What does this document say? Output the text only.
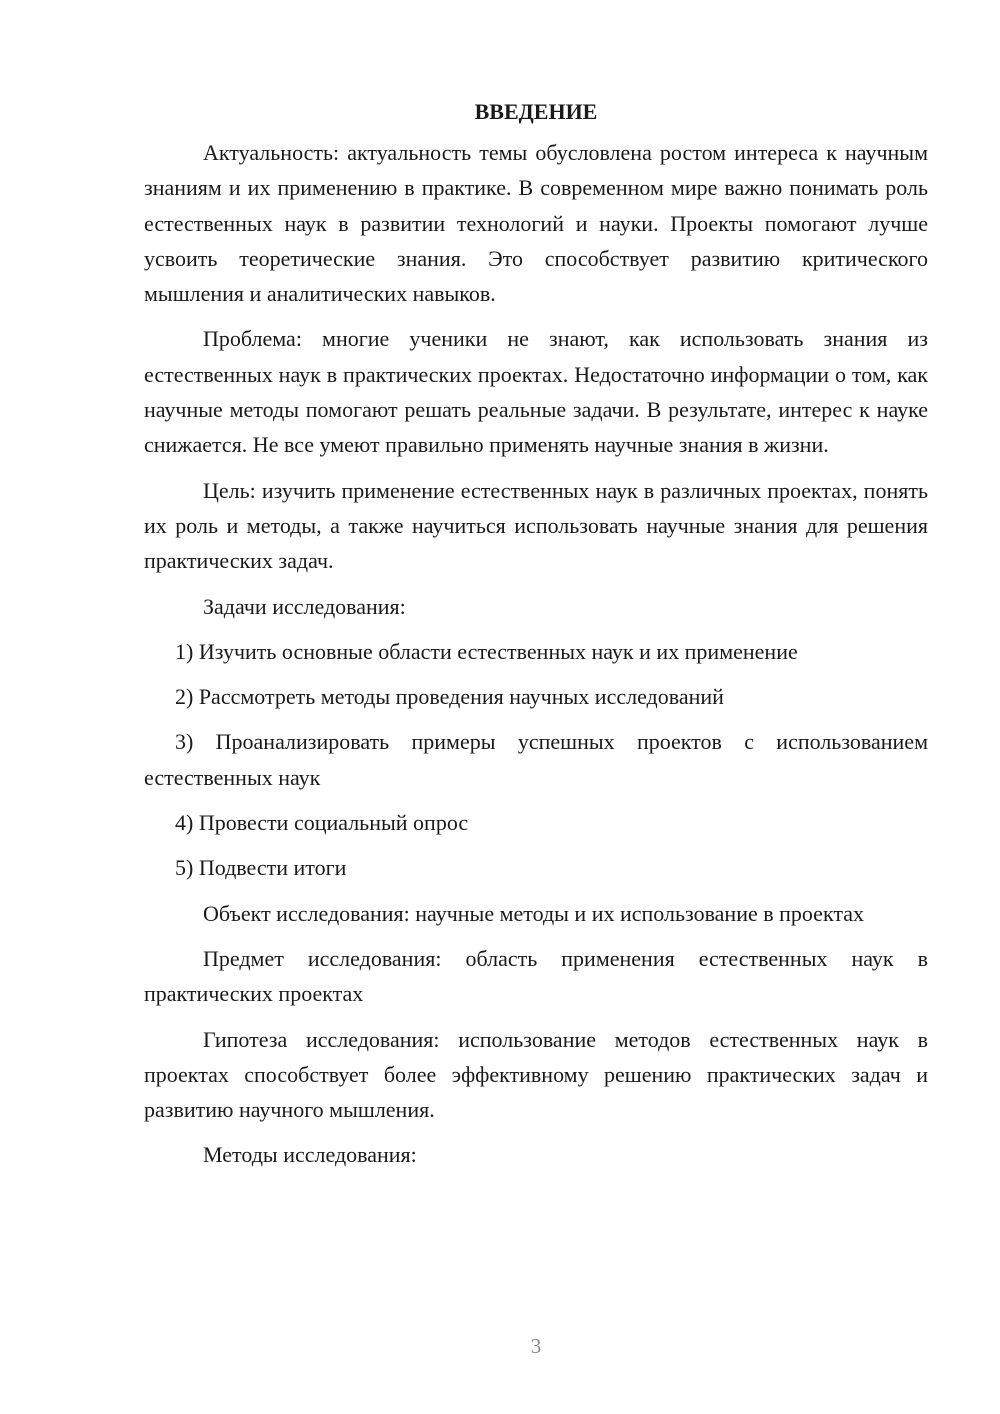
ВВЕДЕНИЕ

Актуальность: актуальность темы обусловлена ростом интереса к научным знаниям и их применению в практике. В современном мире важно понимать роль естественных наук в развитии технологий и науки. Проекты помогают лучше усвоить теоретические знания. Это способствует развитию критического мышления и аналитических навыков.

Проблема: многие ученики не знают, как использовать знания из естественных наук в практических проектах. Недостаточно информации о том, как научные методы помогают решать реальные задачи. В результате, интерес к науке снижается. Не все умеют правильно применять научные знания в жизни.

Цель: изучить применение естественных наук в различных проектах, понять их роль и методы, а также научиться использовать научные знания для решения практических задач.

Задачи исследования:

1) Изучить основные области естественных наук и их применение

2) Рассмотреть методы проведения научных исследований

3) Проанализировать примеры успешных проектов с использованием естественных наук

4) Провести социальный опрос

5) Подвести итоги

Объект исследования: научные методы и их использование в проектах

Предмет исследования: область применения естественных наук в практических проектах

Гипотеза исследования: использование методов естественных наук в проектах способствует более эффективному решению практических задач и развитию научного мышления.

Методы исследования:

3
